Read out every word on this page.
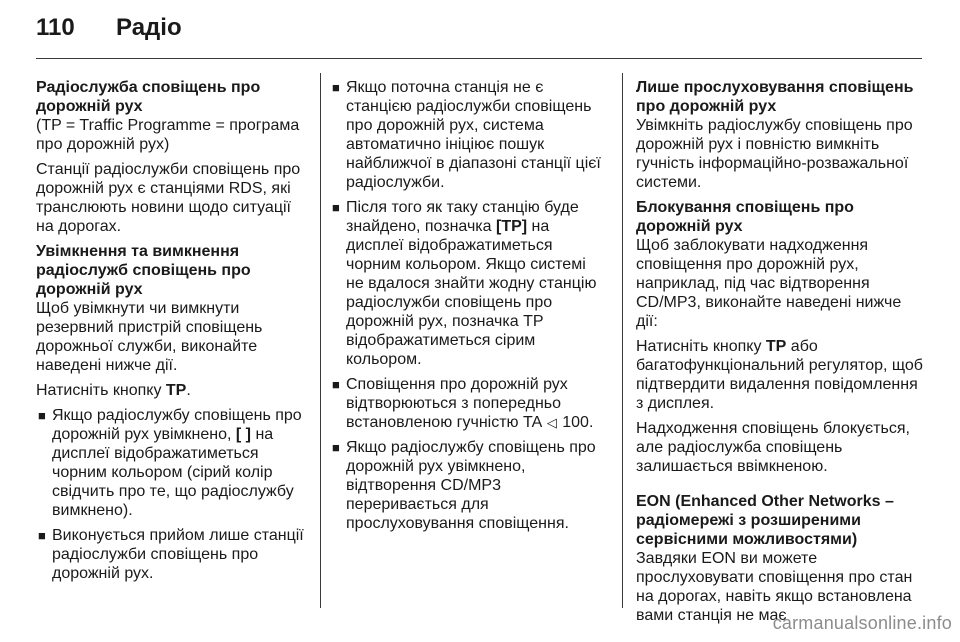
110	Радіо

Радіослужба сповіщень про дорожній рух

(TP = Traffic Programme = програма про дорожній рух)

Станції радіослужби сповіщень про дорожній рух є станціями RDS, які транслюють новини щодо ситуації на дорогах.

Увімкнення та вимкнення радіослужб сповіщень про дорожній рух

Щоб увімкнути чи вимкнути резервний пристрій сповіщень дорожньої служби, виконайте наведені нижче дії.

Натисніть кнопку TP.

■ Якщо радіослужбу сповіщень про дорожній рух увімкнено, [ ] на дисплеї відображатиметься чорним кольором (сірий колір свідчить про те, що радіослужбу вимкнено).
■ Виконується прийом лише станції радіослужби сповіщень про дорожній рух.
■ Якщо поточна станція не є станцією радіослужби сповіщень про дорожній рух, система автоматично ініціює пошук найближчої в діапазоні станції цієї радіослужби.
■ Після того як таку станцію буде знайдено, позначка [TP] на дисплеї відображатиметься чорним кольором. Якщо системі не вдалося знайти жодну станцію радіослужби сповіщень про дорожній рух, позначка TP відображатиметься сірим кольором.
■ Сповіщення про дорожній рух відтворюються з попередньо встановленою гучністю TA ◁ 100.
■ Якщо радіослужбу сповіщень про дорожній рух увімкнено, відтворення CD/MP3 переривається для прослуховування сповіщення.

Лише прослуховування сповіщень про дорожній рух

Увімкніть радіослужбу сповіщень про дорожній рух і повністю вимкніть гучність інформаційно-розважальної системи.

Блокування сповіщень про дорожній рух

Щоб заблокувати надходження сповіщення про дорожній рух, наприклад, під час відтворення CD/MP3, виконайте наведені нижче дії:

Натисніть кнопку TP або багатофункціональний регулятор, щоб підтвердити видалення повідомлення з дисплея.

Надходження сповіщень блокується, але радіослужба сповіщень залишається ввімкненою.

EON (Enhanced Other Networks – радіомережі з розширеними сервісними можливостями)

Завдяки EON ви можете прослуховувати сповіщення про стан на дорогах, навіть якщо встановлена вами станція не має

carmanualsonline.info
